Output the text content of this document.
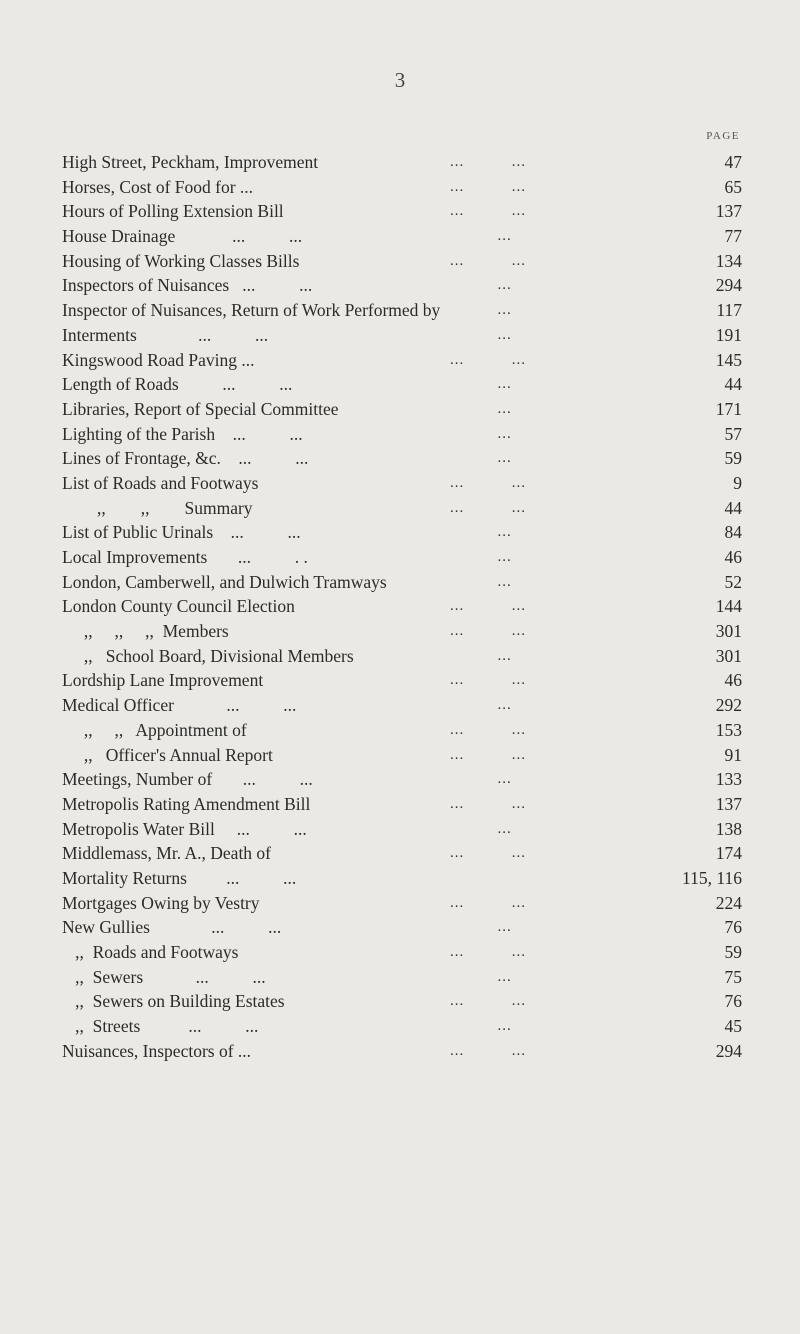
3
PAGE
High Street, Peckham, Improvement	...          ...	47
Horses, Cost of Food for ...	...          ...	65
Hours of Polling Extension Bill	...          ...	137
House Drainage             ...          ...	...	77
Housing of Working Classes Bills	...          ...	134
Inspectors of Nuisances   ...          ...	...	294
Inspector of Nuisances, Return of Work Performed by ...	117
Interments              ...          ...	...	191
Kingswood Road Paving ...	...          ...	145
Length of Roads          ...          ...	...	44
Libraries, Report of Special Committee	...	171
Lighting of the Parish    ...          ...	...	57
Lines of Frontage, &c.    ...          ...	...	59
List of Roads and Footways	...          ...	9
,,        ,,        Summary	...          ...	44
List of Public Urinals    ...          ...	...	84
Local Improvements       ...          . .	...	46
London, Camberwell, and Dulwich Tramways	...	52
London County Council Election	...          ...	144
,,     ,,     ,,  Members	...          ...	301
,,   School Board, Divisional Members	...	301
Lordship Lane Improvement	...          ...	46
Medical Officer            ...          ...	...	292
,,     ,,   Appointment of	...          ...	153
,,   Officer's Annual Report	...          ...	91
Meetings, Number of       ...          ...	...	133
Metropolis Rating Amendment Bill	...          ...	137
Metropolis Water Bill     ...          ...	...	138
Middlemass, Mr. A., Death of	...          ...	174
Mortality Returns         ...          ...	115, 116
Mortgages Owing by Vestry	...          ...	224
New Gullies              ...          ...	...	76
,,  Roads and Footways	...          ...	59
,,  Sewers            ...          ...	...	75
,,  Sewers on Building Estates	...          ...	76
,,  Streets           ...          ...	...	45
Nuisances, Inspectors of ...	...          ...	294
